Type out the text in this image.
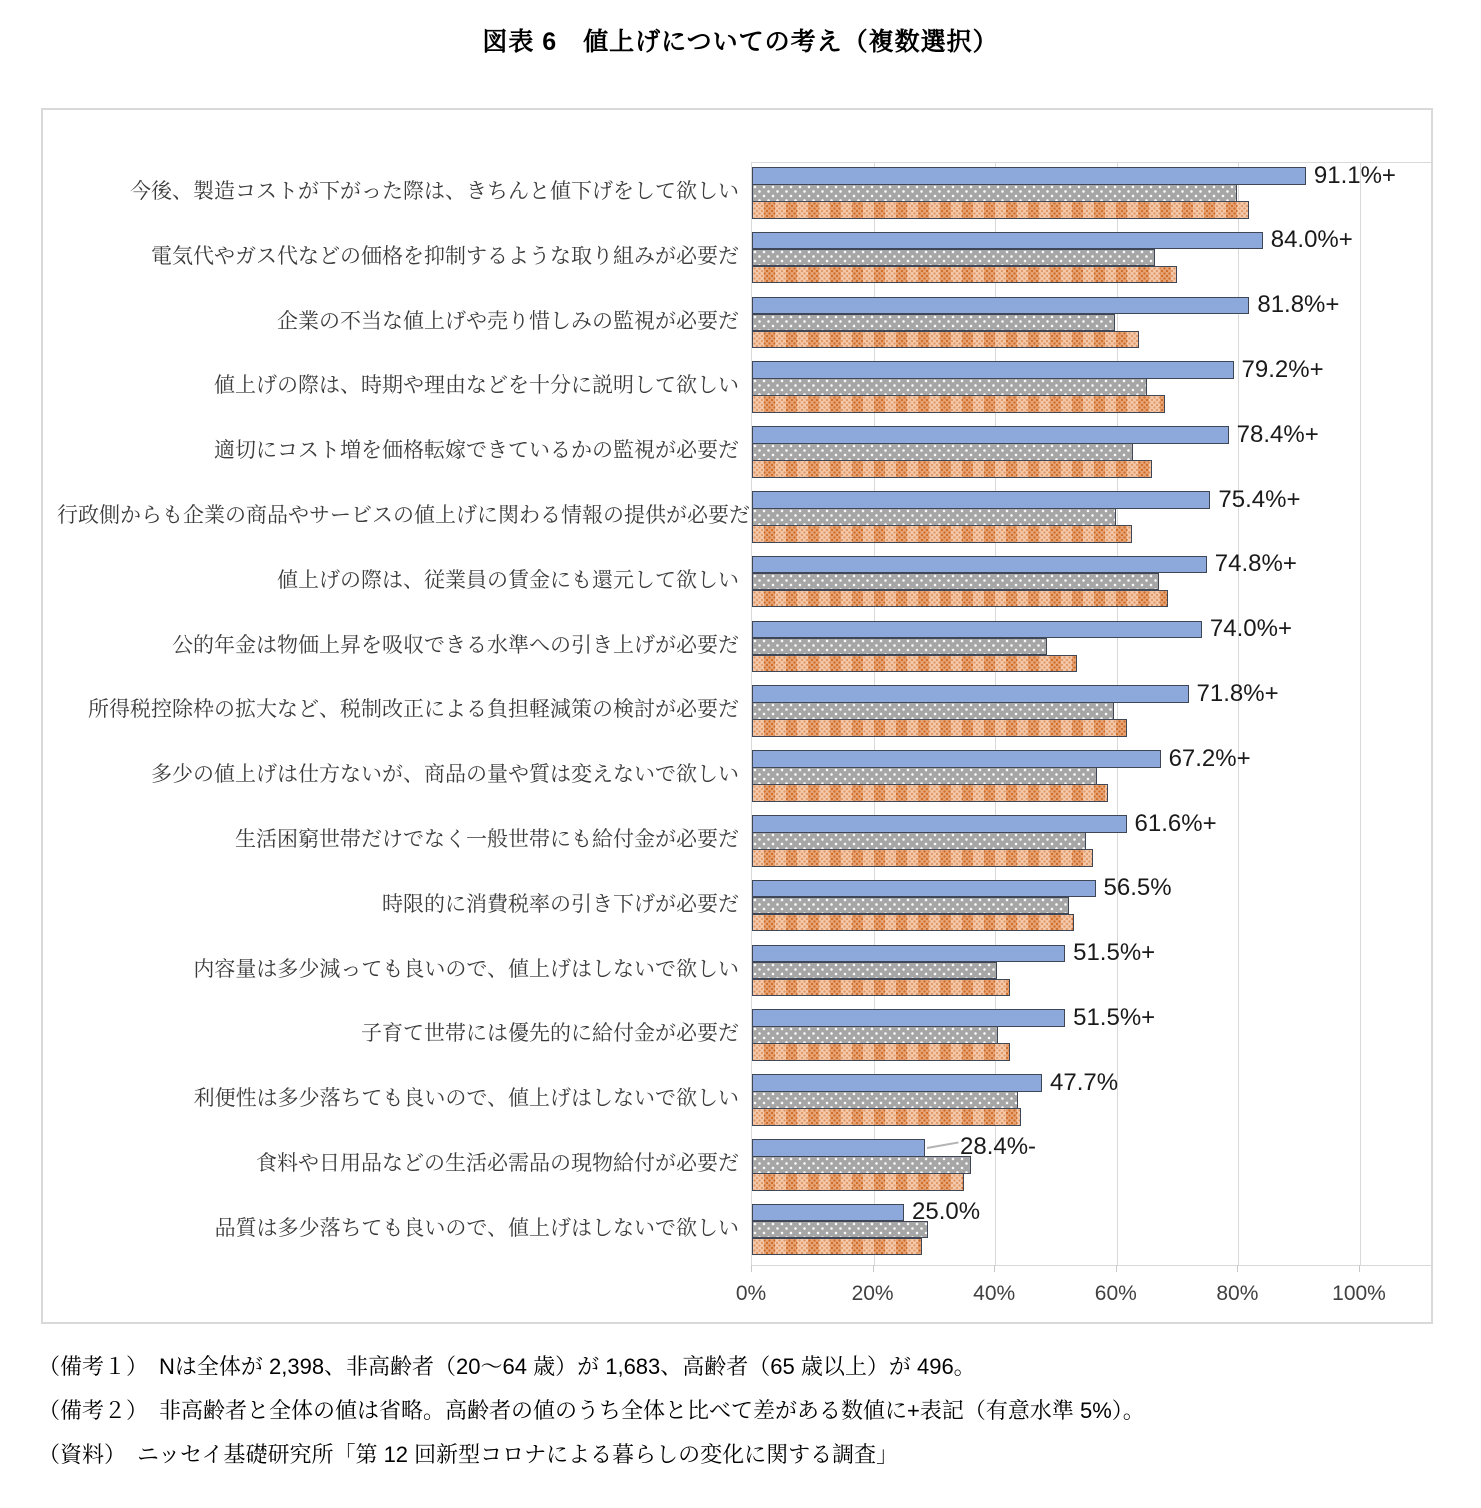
図表 6　値上げについての考え（複数選択）
今後、製造コストが下がった際は、きちんと値下げをして欲しい
電気代やガス代などの価格を抑制するような取り組みが必要だ
企業の不当な値上げや売り惜しみの監視が必要だ
値上げの際は、時期や理由などを十分に説明して欲しい
適切にコスト増を価格転嫁できているかの監視が必要だ
行政側からも企業の商品やサービスの値上げに関わる情報の提供が必要だ
値上げの際は、従業員の賃金にも還元して欲しい
公的年金は物価上昇を吸収できる水準への引き上げが必要だ
所得税控除枠の拡大など、税制改正による負担軽減策の検討が必要だ
多少の値上げは仕方ないが、商品の量や質は変えないで欲しい
生活困窮世帯だけでなく一般世帯にも給付金が必要だ
時限的に消費税率の引き下げが必要だ
内容量は多少減っても良いので、値上げはしないで欲しい
子育て世帯には優先的に給付金が必要だ
利便性は多少落ちても良いので、値上げはしないで欲しい
食料や日用品などの生活必需品の現物給付が必要だ
品質は多少落ちても良いので、値上げはしないで欲しい
91.1%+
84.0%+
81.8%+
79.2%+
78.4%+
75.4%+
74.8%+
74.0%+
71.8%+
67.2%+
61.6%+
56.5%
51.5%+
51.5%+
47.7%
28.4%-
25.0%
0%	20%	40%	60%	80%	100%
（備考１）　Nは全体が 2,398、非高齢者（20～64 歳）が 1,683、高齢者（65 歳以上）が 496。
（備考２）　非高齢者と全体の値は省略。高齢者の値のうち全体と比べて差がある数値に+表記（有意水準 5%）。
（資料）　ニッセイ基礎研究所「第 12 回新型コロナによる暮らしの変化に関する調査」
